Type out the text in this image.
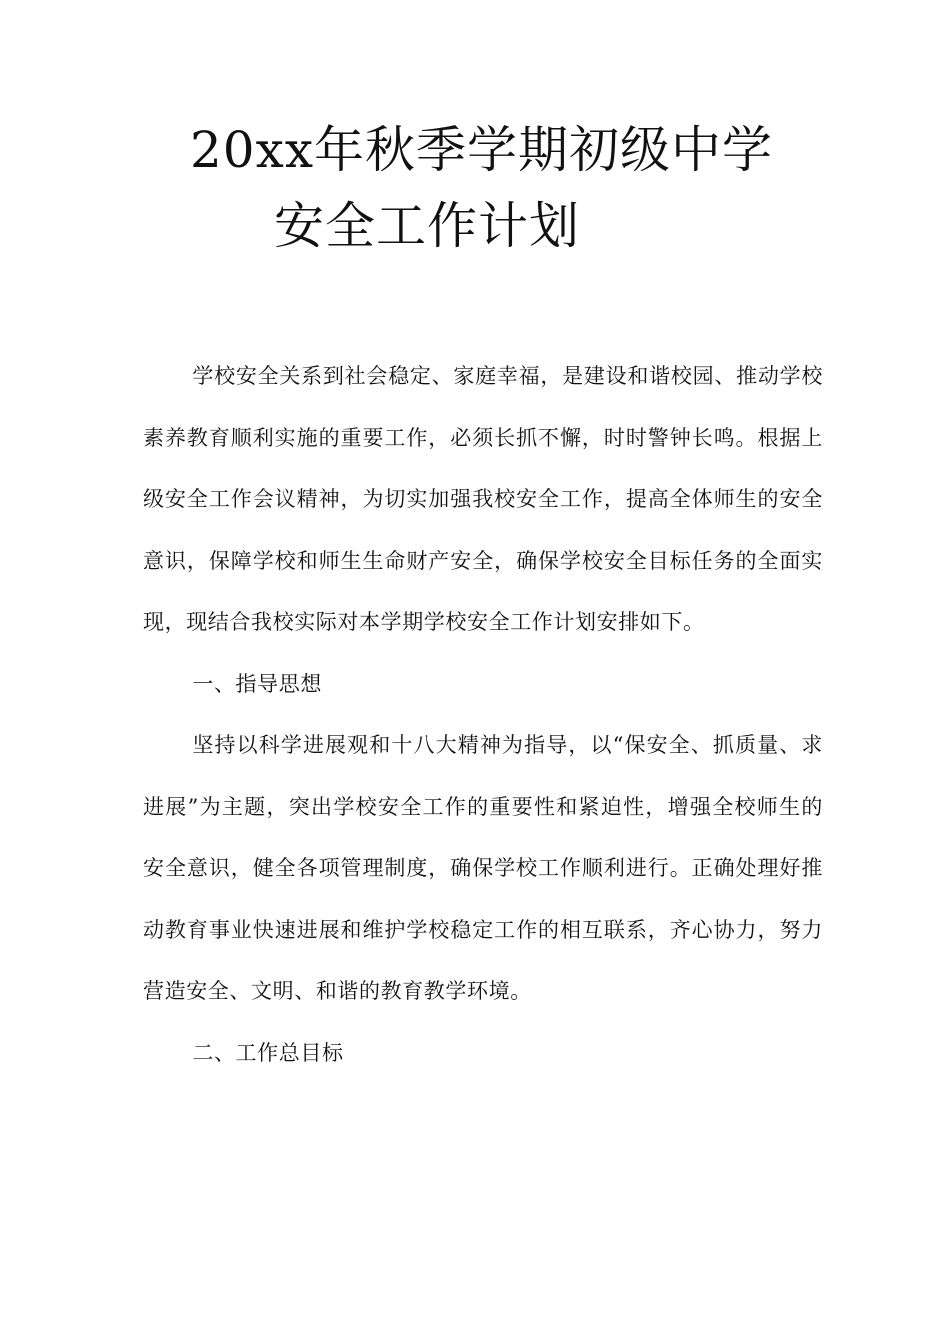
20xx年秋季学期初级中学
安全工作计划

学校安全关系到社会稳定、家庭幸福，是建设和谐校园、推动学校素养教育顺利实施的重要工作，必须长抓不懈，时时警钟长鸣。根据上级安全工作会议精神，为切实加强我校安全工作，提高全体师生的安全意识，保障学校和师生生命财产安全，确保学校安全目标任务的全面实现，现结合我校实际对本学期学校安全工作计划安排如下。

一、指导思想

坚持以科学进展观和十八大精神为指导，以“保安全、抓质量、求进展”为主题，突出学校安全工作的重要性和紧迫性，增强全校师生的安全意识，健全各项管理制度，确保学校工作顺利进行。正确处理好推动教育事业快速进展和维护学校稳定工作的相互联系，齐心协力，努力营造安全、文明、和谐的教育教学环境。

二、工作总目标
